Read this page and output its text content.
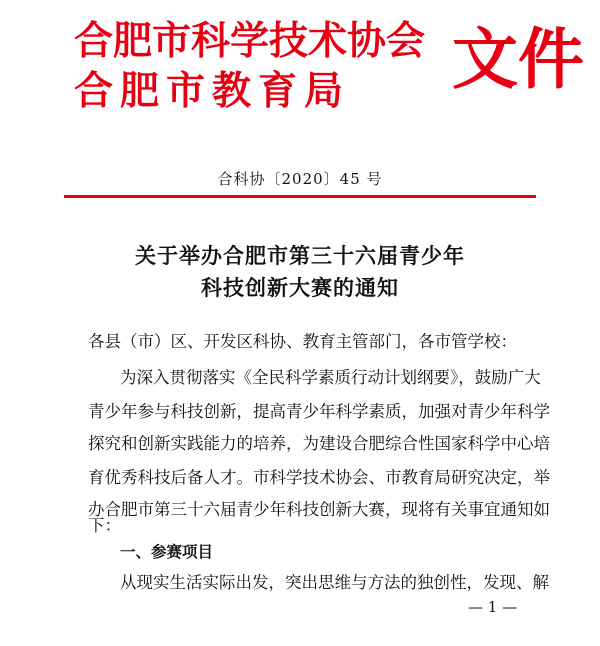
合肥市科学技术协会
合肥市教育局 文件
合科协〔2020〕45 号
关于举办合肥市第三十六届青少年
科技创新大赛的通知
各县（市）区、开发区科协、教育主管部门，各市管学校：
为深入贯彻落实《全民科学素质行动计划纲要》，鼓励广大
青少年参与科技创新，提高青少年科学素质，加强对青少年科学
探究和创新实践能力的培养，为建设合肥综合性国家科学中心培
育优秀科技后备人才。市科学技术协会、市教育局研究决定，举
办合肥市第三十六届青少年科技创新大赛，现将有关事宜通知如
下：
一、参赛项目
从现实生活实际出发，突出思维与方法的独创性，发现、解
— 1 —
